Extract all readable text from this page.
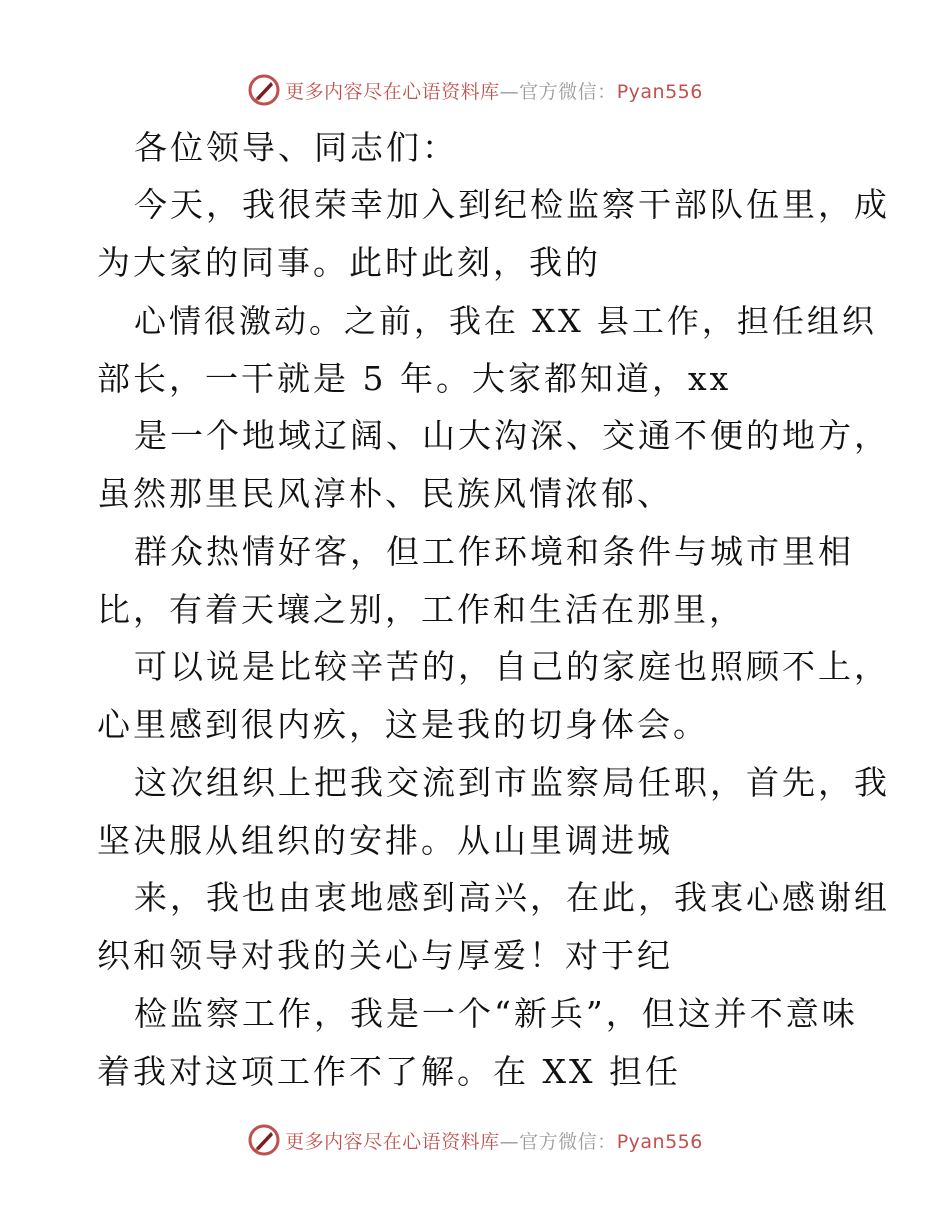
更多内容尽在心语资料库—官方微信：Pyan556
各位领导、同志们：
今天，我很荣幸加入到纪检监察干部队伍里，成
为大家的同事。此时此刻，我的
心情很激动。之前，我在 XX 县工作，担任组织
部长，一干就是 5 年。大家都知道，xx
是一个地域辽阔、山大沟深、交通不便的地方，
虽然那里民风淳朴、民族风情浓郁、
群众热情好客，但工作环境和条件与城市里相
比，有着天壤之别，工作和生活在那里，
可以说是比较辛苦的，自己的家庭也照顾不上，
心里感到很内疚，这是我的切身体会。
这次组织上把我交流到市监察局任职，首先，我
坚决服从组织的安排。从山里调进城
来，我也由衷地感到高兴，在此，我衷心感谢组
织和领导对我的关心与厚爱！对于纪
检监察工作，我是一个“新兵”，但这并不意味
着我对这项工作不了解。在 XX 担任
更多内容尽在心语资料库—官方微信：Pyan556
